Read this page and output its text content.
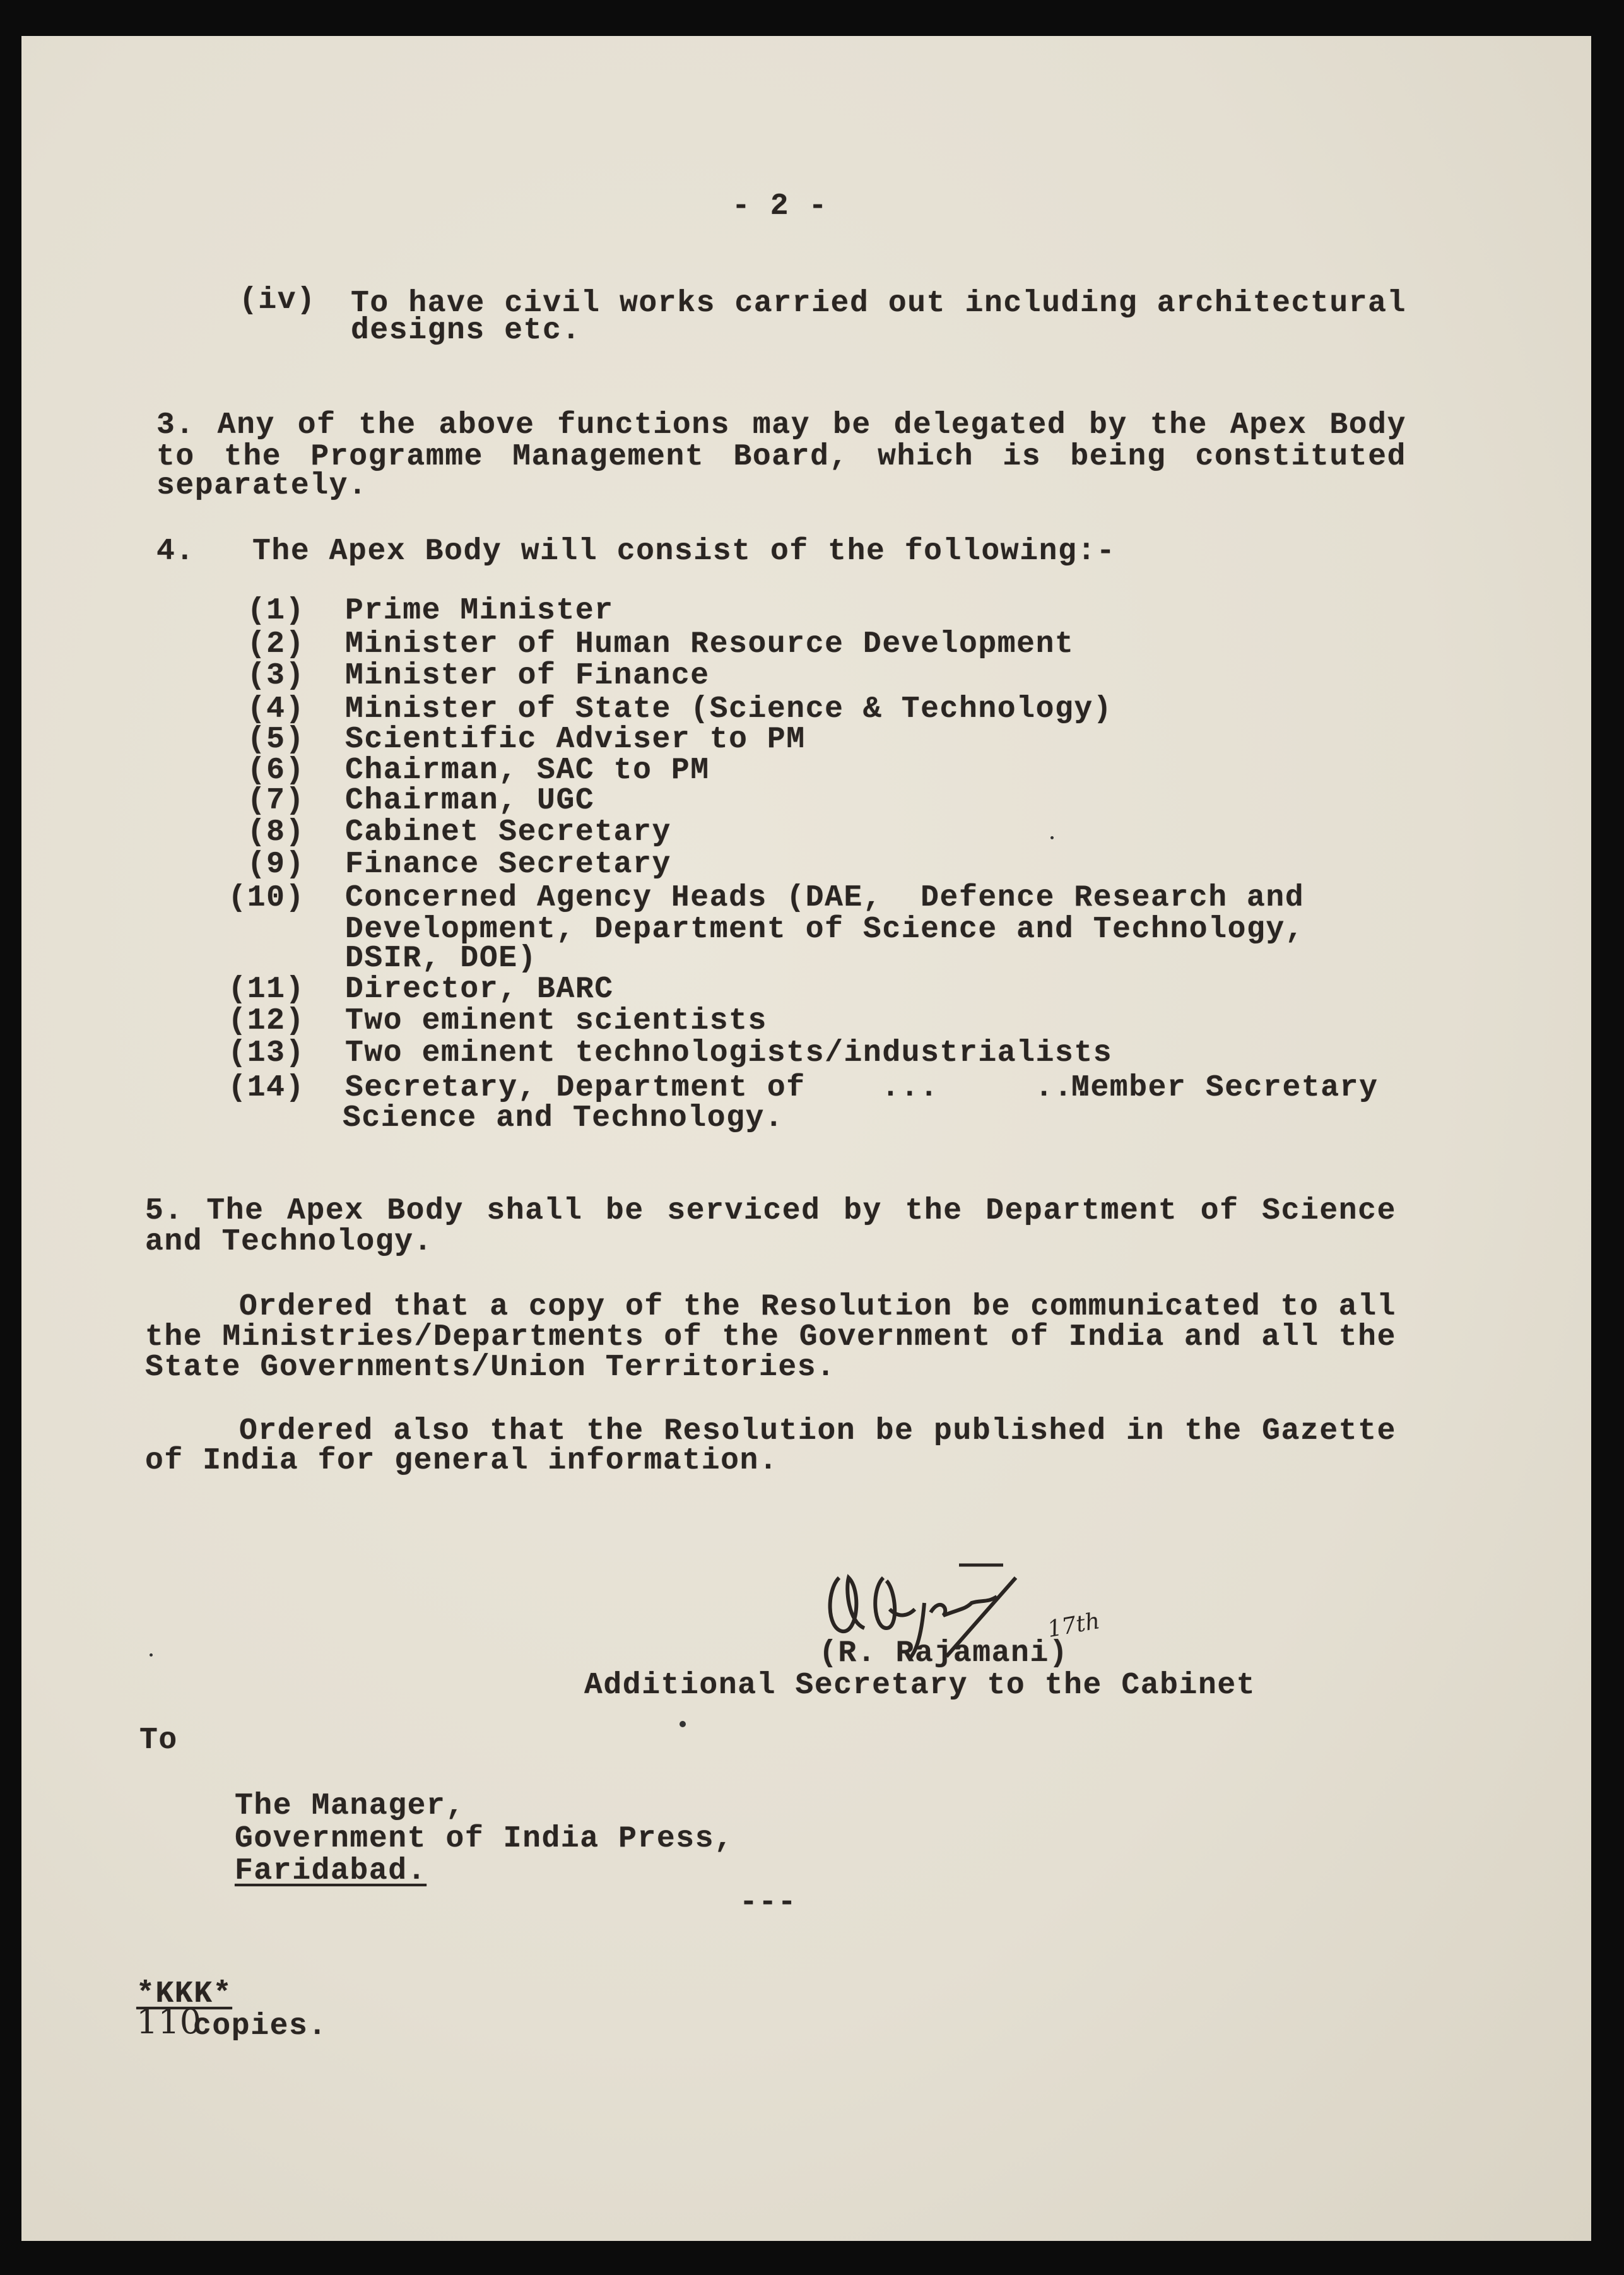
- 2 -
(iv) To have civil works carried out including architectural
designs etc.
3. Any of the above functions may be delegated by the Apex Body
to the Programme Management Board, which is being constituted
separately.
4.   The Apex Body will consist of the following:-
(1) Prime Minister
(2) Minister of Human Resource Development
(3) Minister of Finance
(4) Minister of State (Science & Technology)
(5) Scientific Adviser to PM
(6) Chairman, SAC to PM
(7) Chairman, UGC
(8) Cabinet Secretary
(9) Finance Secretary
(10) Concerned Agency Heads (DAE,  Defence Research and
Development, Department of Science and Technology,
DSIR, DOE)
(11) Director, BARC
(12) Two eminent scientists
(13) Two eminent technologists/industrialists
(14) Secretary, Department of	...     ...
Member Secretary
Science and Technology.
5. The Apex Body shall be serviced by the Department of Science
and Technology.
Ordered that a copy of the Resolution be communicated to all
the Ministries/Departments of the Government of India and all the
State Governments/Union Territories.
Ordered also that the Resolution be published in the Gazette
of India for general information.
17th
(R. Rajamani)
Additional Secretary to the Cabinet
To
The Manager,
Government of India Press,
Faridabad.
---
*KKK*
110
copies.
